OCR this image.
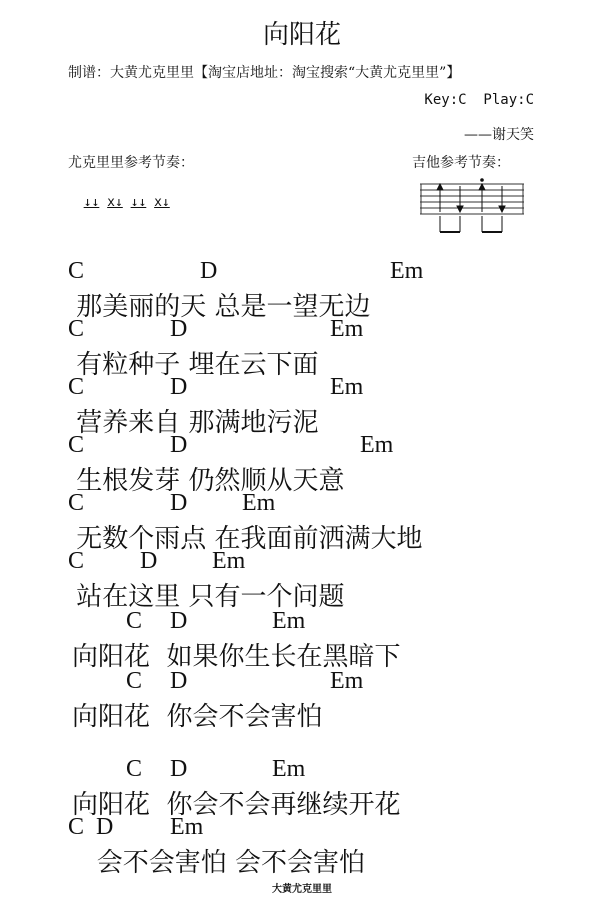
向阳花
制谱：大黄尤克里里【淘宝店地址：淘宝搜索“大黄尤克里里”】
Key:C  Play:C
——谢天笑
尤克里里参考节奏：	吉他参考节奏：

↓↓ x↓ ↓↓ x↓

C	D	Em
那美丽的天 总是一望无边
C	D	Em
有粒种子 埋在云下面
C	D	Em
营养来自 那满地污泥
C	D	Em
生根发芽 仍然顺从天意
C	D Em
无数个雨点 在我面前洒满大地
C D Em
站在这里 只有一个问题
C D	Em
向阳花  如果你生长在黑暗下
C D	Em
向阳花  你会不会害怕
C D	Em
向阳花  你会不会再继续开花
C D Em
会不会害怕 会不会害怕
大黄尤克里里
